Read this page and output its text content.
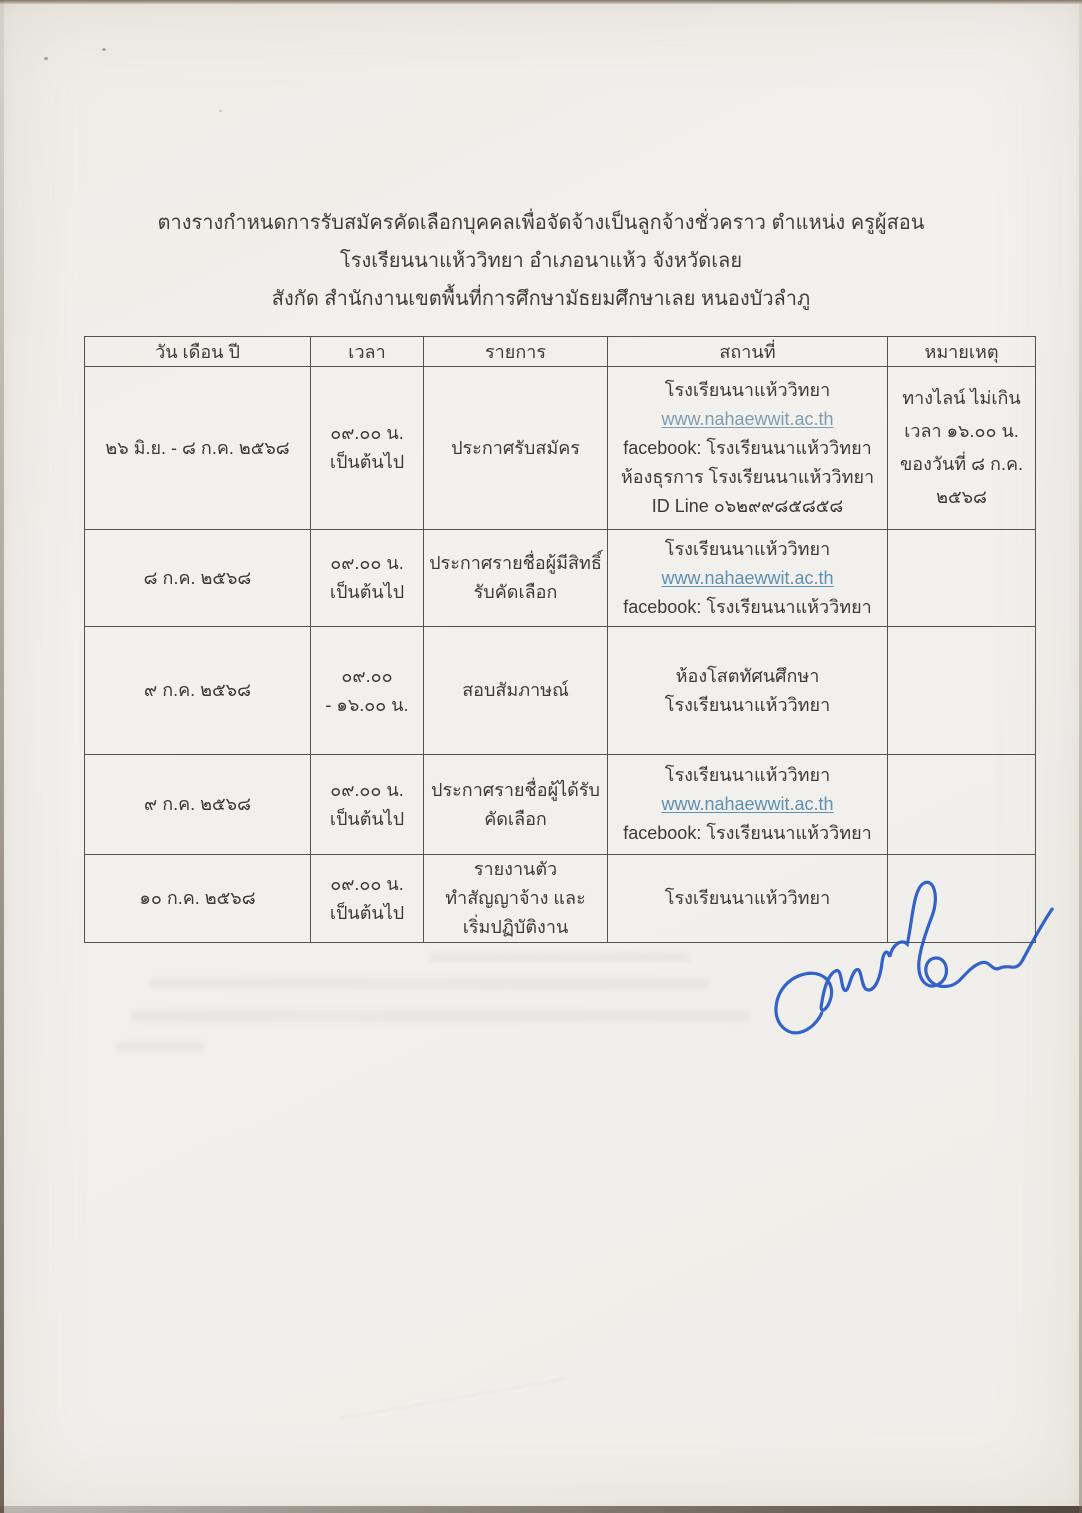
ตางรางกำหนดการรับสมัครคัดเลือกบุคคลเพื่อจัดจ้างเป็นลูกจ้างชั่วคราว ตำแหน่ง ครูผู้สอน
โรงเรียนนาแห้ววิทยา อำเภอนาแห้ว จังหวัดเลย
สังกัด สำนักงานเขตพื้นที่การศึกษามัธยมศึกษาเลย หนองบัวลำภู
วัน เดือน ปี	เวลา	รายการ	สถานที่	หมายเหตุ

๒๖ มิ.ย. - ๘ ก.ค. ๒๕๖๘	๐๙.๐๐ น.
เป็นต้นไป	ประกาศรับสมัคร	โรงเรียนนาแห้ววิทยา
www.nahaewwit.ac.th
facebook: โรงเรียนนาแห้ววิทยา
ห้องธุรการ โรงเรียนนาแห้ววิทยา
ID Line ๐๖๒๙๙๘๕๘๕๘	ทางไลน์ ไม่เกิน
เวลา ๑๖.๐๐ น.
ของวันที่ ๘ ก.ค.
๒๕๖๘

๘ ก.ค. ๒๕๖๘	๐๙.๐๐ น.
เป็นต้นไป	ประกาศรายชื่อผู้มีสิทธิ์
รับคัดเลือก	โรงเรียนนาแห้ววิทยา
www.nahaewwit.ac.th
facebook: โรงเรียนนาแห้ววิทยา	

๙ ก.ค. ๒๕๖๘	๐๙.๐๐
- ๑๖.๐๐ น.	สอบสัมภาษณ์	ห้องโสตทัศนศึกษา
โรงเรียนนาแห้ววิทยา	

๙ ก.ค. ๒๕๖๘	๐๙.๐๐ น.
เป็นต้นไป	ประกาศรายชื่อผู้ได้รับ
คัดเลือก	โรงเรียนนาแห้ววิทยา
www.nahaewwit.ac.th
facebook: โรงเรียนนาแห้ววิทยา	

๑๐ ก.ค. ๒๕๖๘	๐๙.๐๐ น.
เป็นต้นไป	รายงานตัว
ทำสัญญาจ้าง และ
เริ่มปฏิบัติงาน	โรงเรียนนาแห้ววิทยา	
